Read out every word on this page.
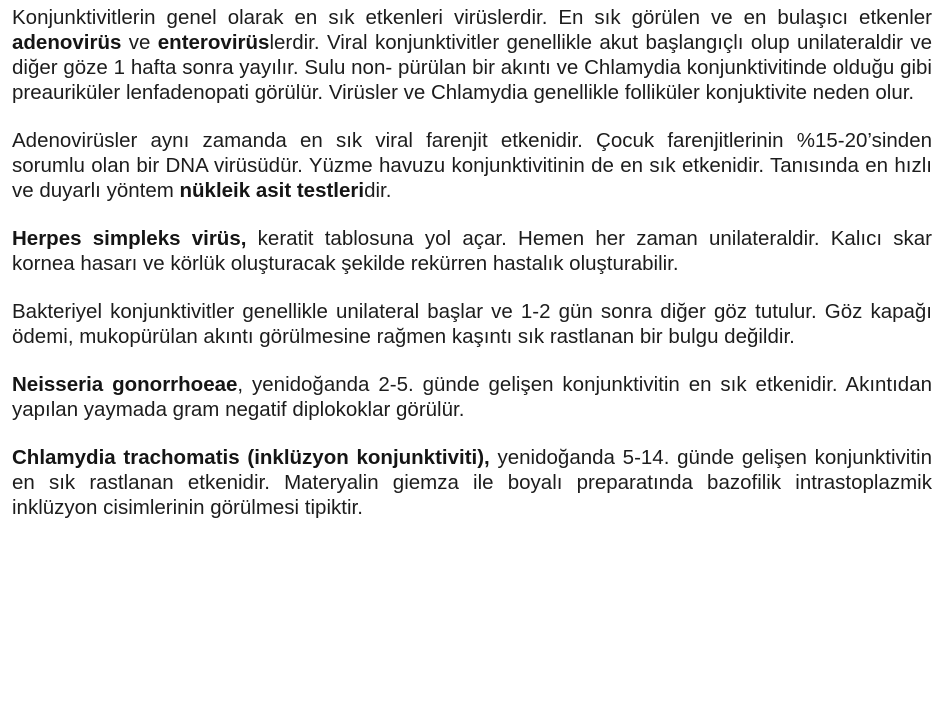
Konjunktivitlerin genel olarak en sık etkenleri virüslerdir. En sık görülen ve en bulaşıcı etkenler adenovirüs ve enterovirüslerdir. Viral konjunktivitler genellikle akut başlangıçlı olup unilateraldir ve diğer göze 1 hafta sonra yayılır. Sulu non- pürülan bir akıntı ve Chlamydia konjunktivitinde olduğu gibi preauriküler lenfadenopati görülür. Virüsler ve Chlamydia genellikle folliküler konjuktivite neden olur.

Adenovirüsler aynı zamanda en sık viral farenjit etkenidir. Çocuk farenjitlerinin %15-20’sinden sorumlu olan bir DNA virüsüdür. Yüzme havuzu konjunktivitinin de en sık etkenidir. Tanısında en hızlı ve duyarlı yöntem nükleik asit testleridir.

Herpes simpleks virüs, keratit tablosuna yol açar. Hemen her zaman unilateraldir. Kalıcı skar kornea hasarı ve körlük oluşturacak şekilde rekürren hastalık oluşturabilir.

Bakteriyel konjunktivitler genellikle unilateral başlar ve 1-2 gün sonra diğer göz tutulur. Göz kapağı ödemi, mukopürülan akıntı görülmesine rağmen kaşıntı sık rastlanan bir bulgu değildir.

Neisseria gonorrhoeae, yenidoğanda 2-5. günde gelişen konjunktivitin en sık etkenidir. Akıntıdan yapılan yaymada gram negatif diplokoklar görülür.

Chlamydia trachomatis (inklüzyon konjunktiviti), yenidoğanda 5-14. günde gelişen konjunktivitin en sık rastlanan etkenidir. Materyalin giemza ile boyalı preparatında bazofilik intrastoplazmik inklüzyon cisimlerinin görülmesi tipiktir.
